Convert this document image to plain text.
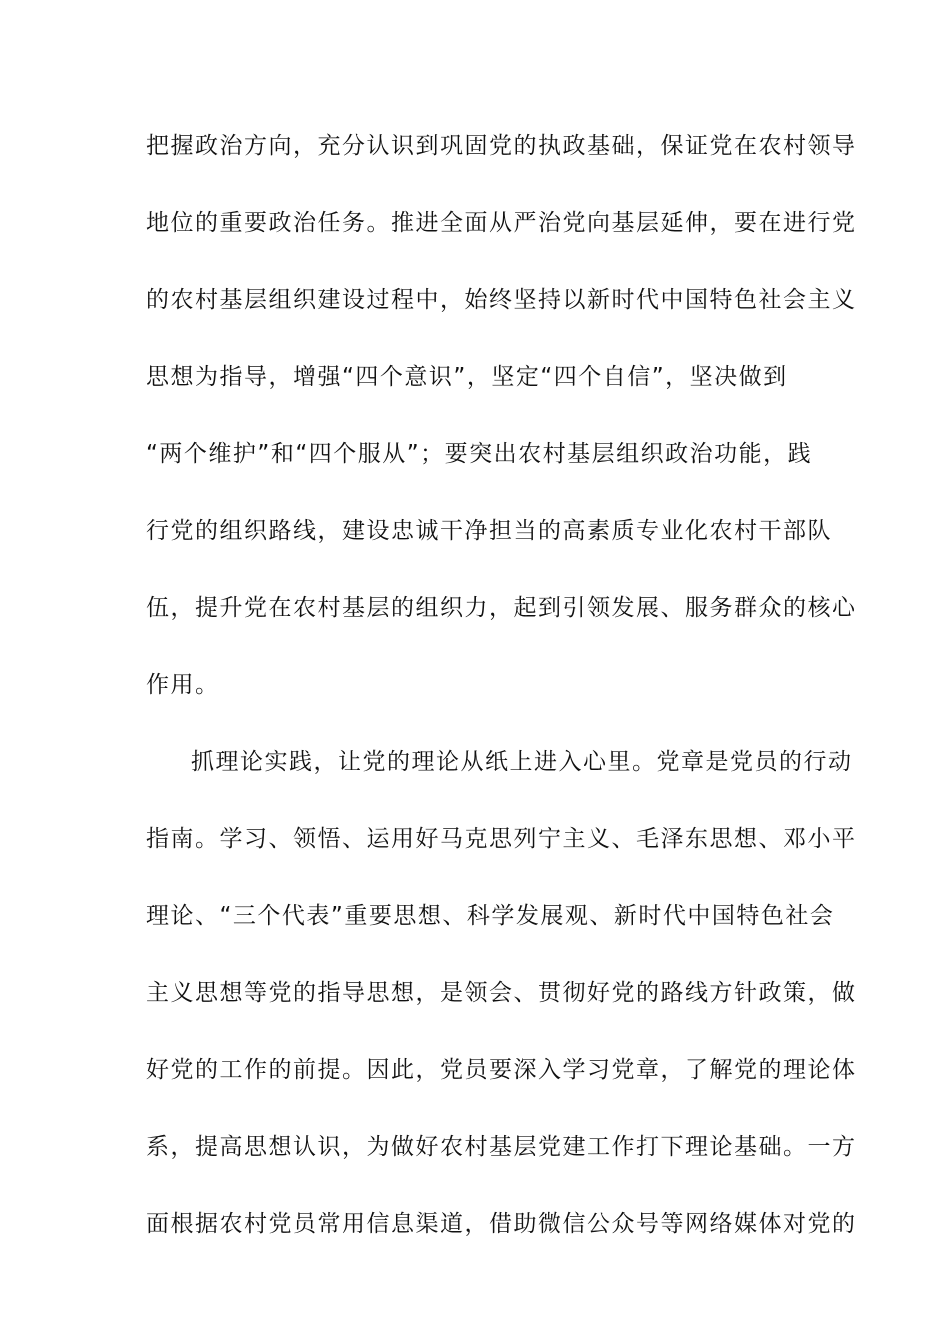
把握政治方向，充分认识到巩固党的执政基础，保证党在农村领导
地位的重要政治任务。推进全面从严治党向基层延伸，要在进行党
的农村基层组织建设过程中，始终坚持以新时代中国特色社会主义
思想为指导，增强“四个意识”，坚定“四个自信”，坚决做到
“两个维护”和“四个服从”；要突出农村基层组织政治功能，践
行党的组织路线，建设忠诚干净担当的高素质专业化农村干部队
伍，提升党在农村基层的组织力，起到引领发展、服务群众的核心
作用。
抓理论实践，让党的理论从纸上进入心里。党章是党员的行动
指南。学习、领悟、运用好马克思列宁主义、毛泽东思想、邓小平
理论、“三个代表”重要思想、科学发展观、新时代中国特色社会
主义思想等党的指导思想，是领会、贯彻好党的路线方针政策，做
好党的工作的前提。因此，党员要深入学习党章，了解党的理论体
系，提高思想认识，为做好农村基层党建工作打下理论基础。一方
面根据农村党员常用信息渠道，借助微信公众号等网络媒体对党的
